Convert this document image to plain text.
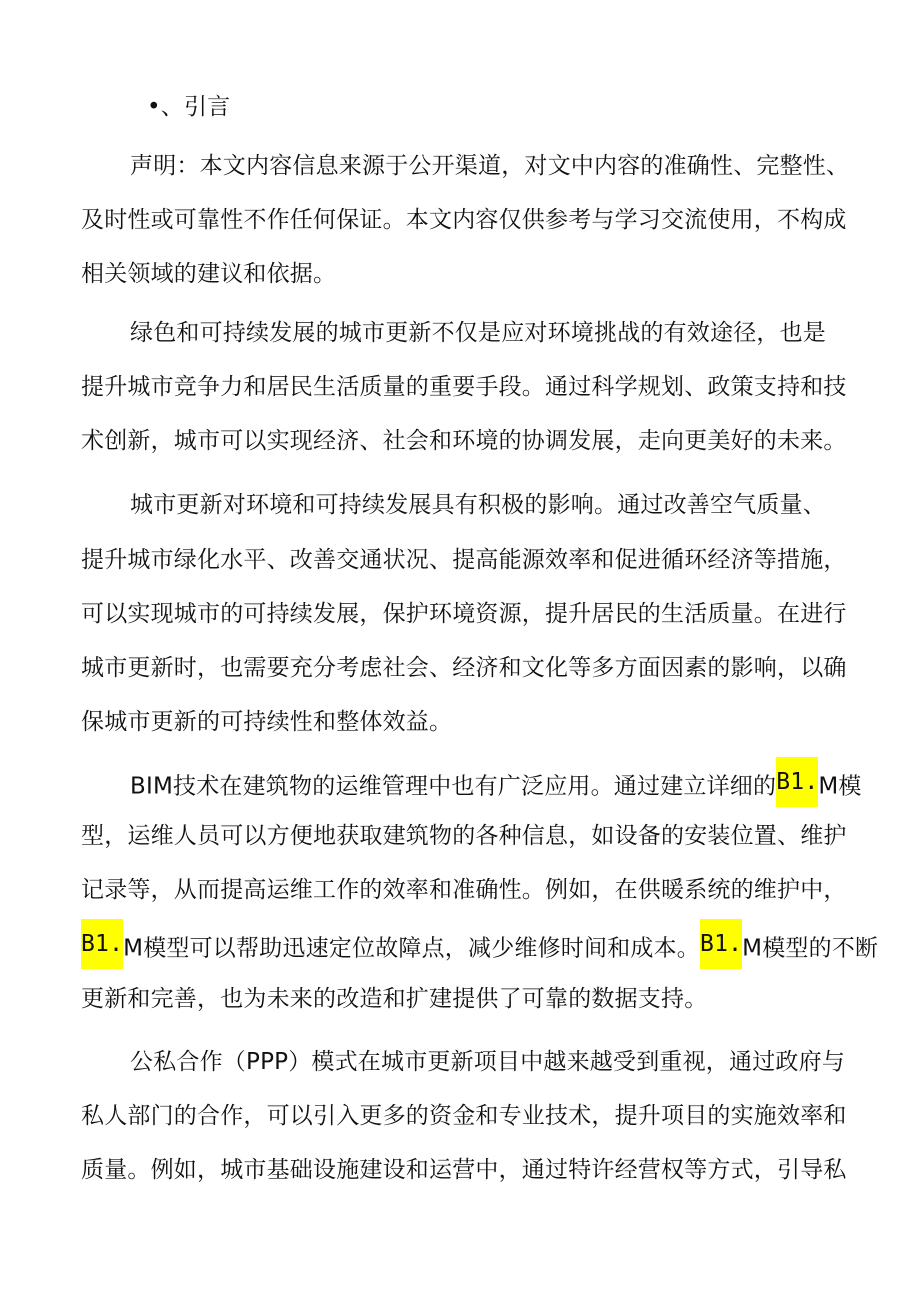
•、引言

声明：本文内容信息来源于公开渠道，对文中内容的准确性、完整性、

及时性或可靠性不作任何保证。本文内容仅供参考与学习交流使用，不构成

相关领域的建议和依据。

绿色和可持续发展的城市更新不仅是应对环境挑战的有效途径，也是

提升城市竞争力和居民生活质量的重要手段。通过科学规划、政策支持和技

术创新，城市可以实现经济、社会和环境的协调发展，走向更美好的未来。

城市更新对环境和可持续发展具有积极的影响。通过改善空气质量、

提升城市绿化水平、改善交通状况、提高能源效率和促进循环经济等措施，

可以实现城市的可持续发展，保护环境资源，提升居民的生活质量。在进行

城市更新时，也需要充分考虑社会、经济和文化等多方面因素的影响，以确

保城市更新的可持续性和整体效益。

BIM技术在建筑物的运维管理中也有广泛应用。通过建立详细的B1.M模

型，运维人员可以方便地获取建筑物的各种信息，如设备的安装位置、维护

记录等，从而提高运维工作的效率和准确性。例如，在供暖系统的维护中，

B1.M模型可以帮助迅速定位故障点，减少维修时间和成本。B1.M模型的不断

更新和完善，也为未来的改造和扩建提供了可靠的数据支持。

公私合作（PPP）模式在城市更新项目中越来越受到重视，通过政府与

私人部门的合作，可以引入更多的资金和专业技术，提升项目的实施效率和

质量。例如，城市基础设施建设和运营中，通过特许经营权等方式，引导私
